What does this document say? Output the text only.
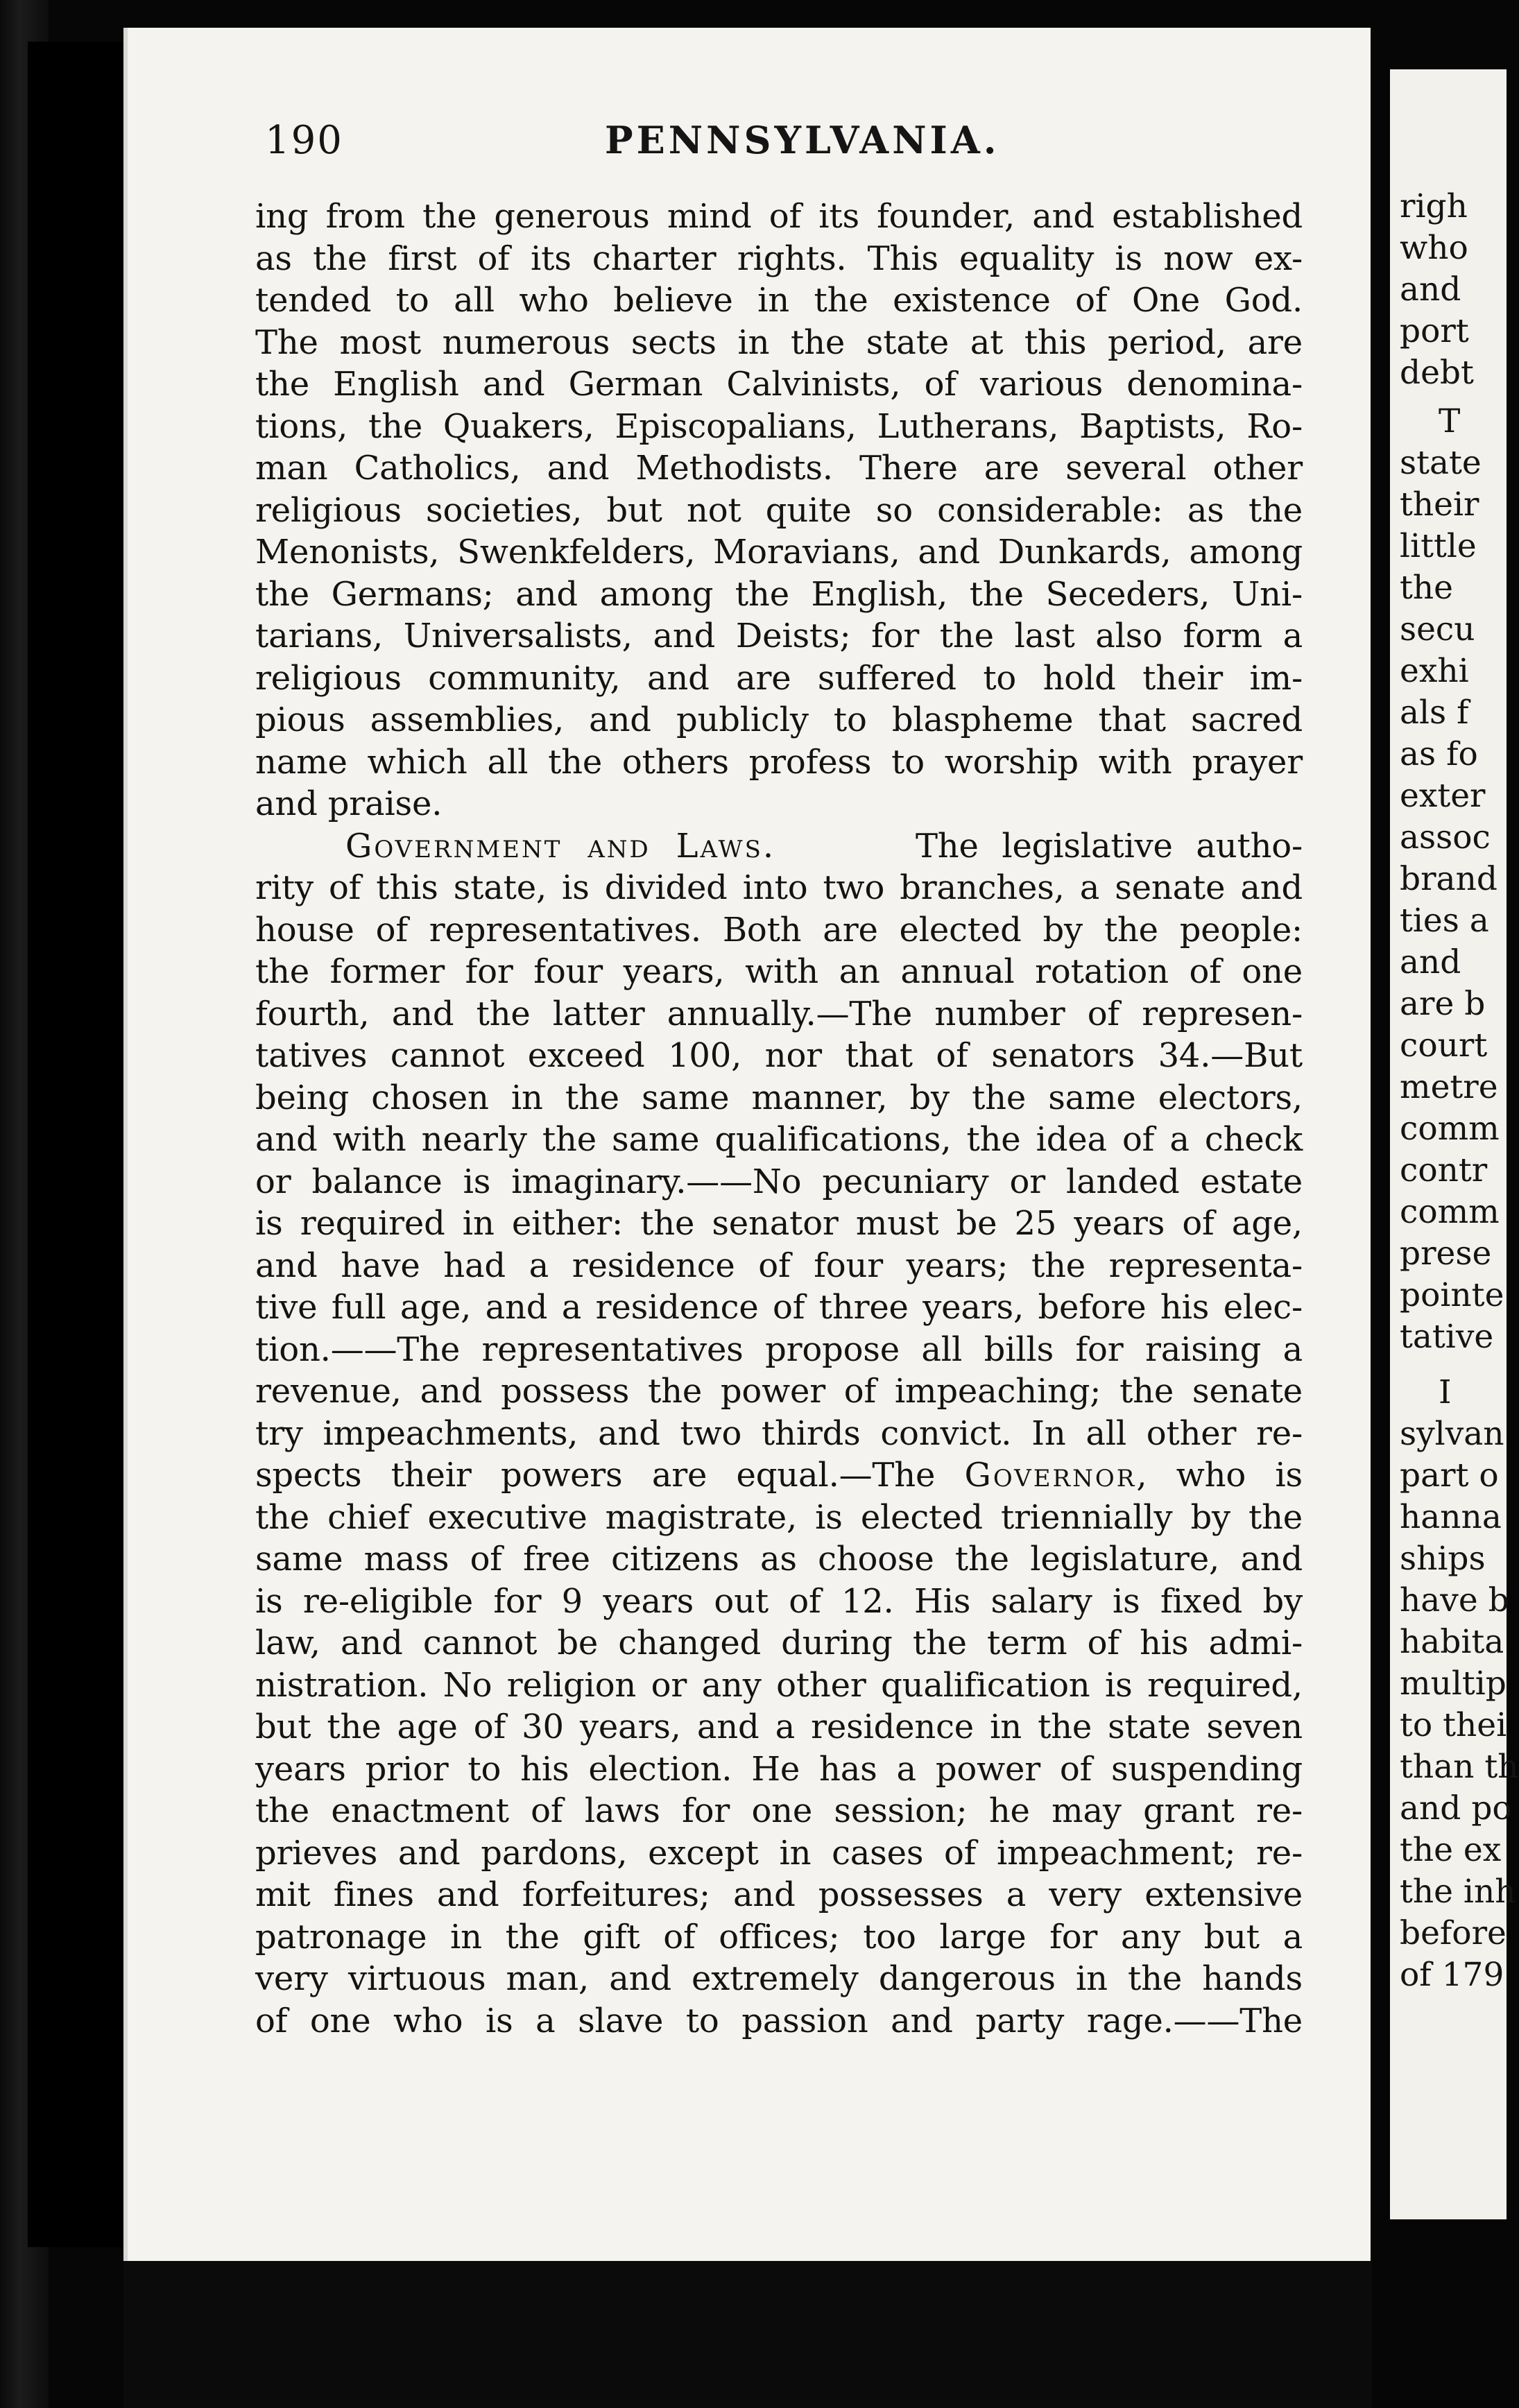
righ
who
and
port
debt
T
state
their
little
the
secu
exhi
als f
as fo
exter
assoc
brand
ties a
and
are b
court
metre
comm
contr
comm
prese
pointe
tative
I
sylvan
part o
hanna
ships
have b
habita
multip
to thei
than th
and po
the ex
the inh
before
of 179
190	PENNSYLVANIA.
ing from the generous mind of its founder, and established
as the first of its charter rights. This equality is now ex-
tended to all who believe in the existence of One God.
The most numerous sects in the state at this period, are
the English and German Calvinists, of various denomina-
tions, the Quakers, Episcopalians, Lutherans, Baptists, Ro-
man Catholics, and Methodists. There are several other
religious societies, but not quite so considerable: as the
Menonists, Swenkfelders, Moravians, and Dunkards, among
the Germans; and among the English, the Seceders, Uni-
tarians, Universalists, and Deists; for the last also form a
religious community, and are suffered to hold their im-
pious assemblies, and publicly to blaspheme that sacred
name which all the others profess to worship with prayer
and praise.
Government and Laws.	The legislative autho-
rity of this state, is divided into two branches, a senate and
house of representatives. Both are elected by the people:
the former for four years, with an annual rotation of one
fourth, and the latter annually.—The number of represen-
tatives cannot exceed 100, nor that of senators 34.—But
being chosen in the same manner, by the same electors,
and with nearly the same qualifications, the idea of a check
or balance is imaginary.——No pecuniary or landed estate
is required in either: the senator must be 25 years of age,
and have had a residence of four years; the representa-
tive full age, and a residence of three years, before his elec-
tion.——The representatives propose all bills for raising a
revenue, and possess the power of impeaching; the senate
try impeachments, and two thirds convict. In all other re-
spects their powers are equal.—The Governor, who is
the chief executive magistrate, is elected triennially by the
same mass of free citizens as choose the legislature, and
is re-eligible for 9 years out of 12. His salary is fixed by
law, and cannot be changed during the term of his admi-
nistration. No religion or any other qualification is required,
but the age of 30 years, and a residence in the state seven
years prior to his election. He has a power of suspending
the enactment of laws for one session; he may grant re-
prieves and pardons, except in cases of impeachment; re-
mit fines and forfeitures; and possesses a very extensive
patronage in the gift of offices; too large for any but a
very virtuous man, and extremely dangerous in the hands
of one who is a slave to passion and party rage.——The
